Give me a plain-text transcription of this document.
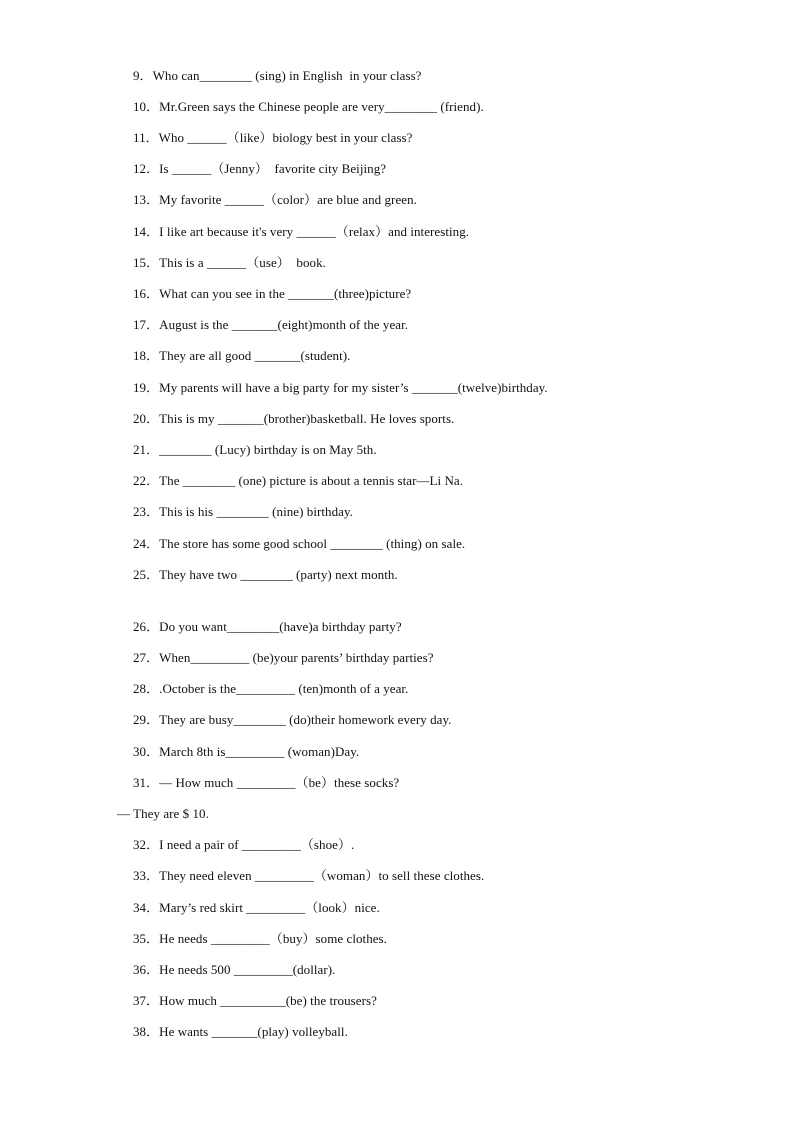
9．Who can________ (sing) in English  in your class?
10．Mr.Green says the Chinese people are very________ (friend).
11．Who ______（like）biology best in your class?
12．Is ______（Jenny）  favorite city Beijing?
13．My favorite ______（color）are blue and green.
14．I like art because it's very ______（relax）and interesting.
15．This is a ______（use）  book.
16．What can you see in the _______(three)picture?
17．August is the _______(eight)month of the year.
18．They are all good _______(student).
19．My parents will have a big party for my sister’s _______(twelve)birthday.
20．This is my _______(brother)basketball. He loves sports.
21．________ (Lucy) birthday is on May 5th.
22．The ________ (one) picture is about a tennis star—Li Na.
23．This is his ________ (nine) birthday.
24．The store has some good school ________ (thing) on sale.
25．They have two ________ (party) next month.
26．Do you want________(have)a birthday party?
27．When_________ (be)your parents’ birthday parties?
28．.October is the_________ (ten)month of a year.
29．They are busy________ (do)their homework every day.
30．March 8th is_________ (woman)Day.
31．— How much _________（be）these socks?
— They are $ 10.
32．I need a pair of _________（shoe）.
33．They need eleven _________（woman）to sell these clothes.
34．Mary’s red skirt _________（look）nice.
35．He needs _________（buy）some clothes.
36．He needs 500 _________(dollar).
37．How much __________(be) the trousers?
38．He wants _______(play) volleyball.
